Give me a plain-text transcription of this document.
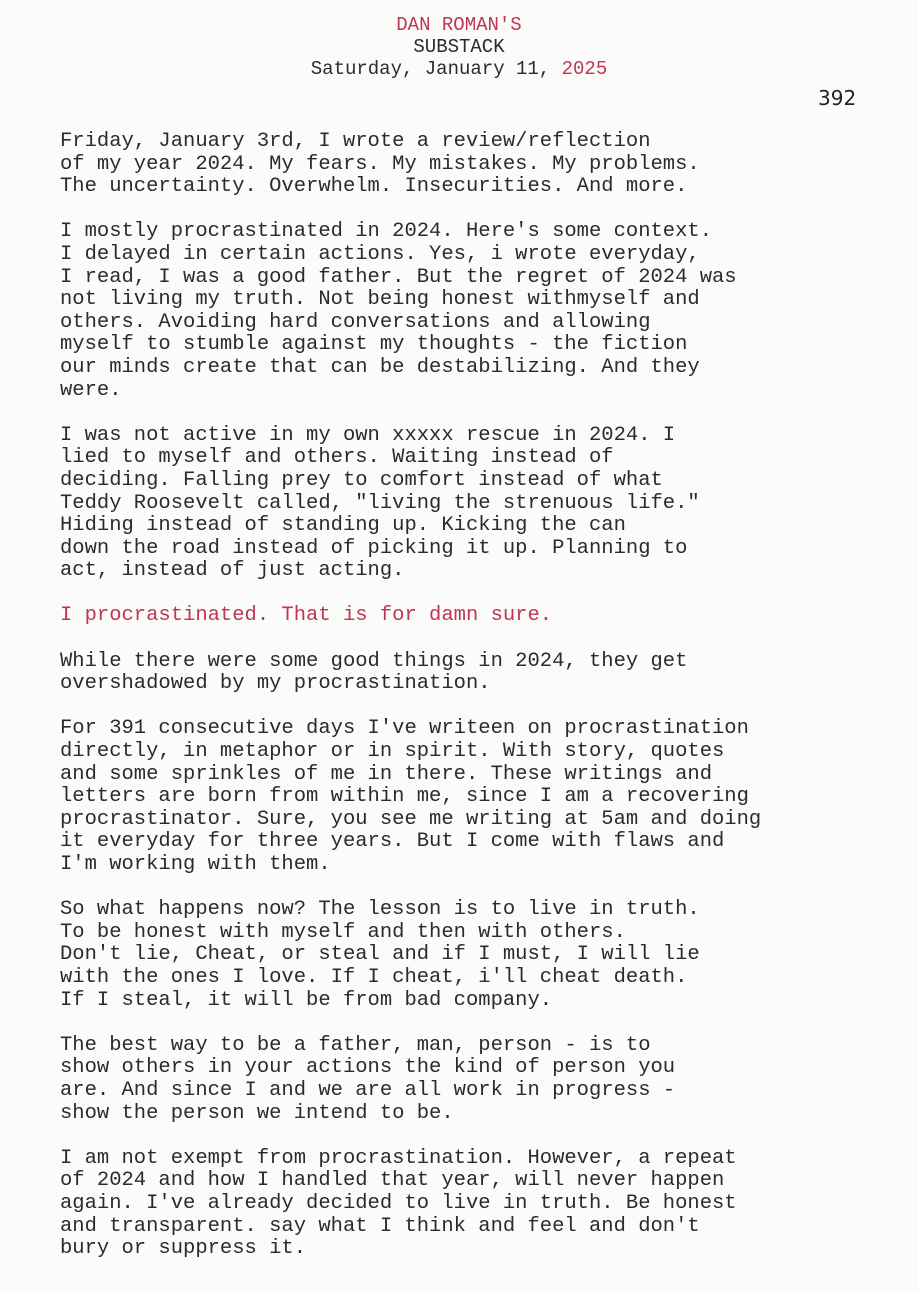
DAN ROMAN'S
SUBSTACK
Saturday, January 11, 2025
392
Friday, January 3rd, I wrote a review/reflection
of my year 2024. My fears. My mistakes. My problems.
The uncertainty. Overwhelm. Insecurities. And more.
I mostly procrastinated in 2024. Here's some context.
I delayed in certain actions. Yes, i wrote everyday,
I read, I was a good father. But the regret of 2024 was
not living my truth. Not being honest withmyself and
others. Avoiding hard conversations and allowing
myself to stumble against my thoughts - the fiction
our minds create that can be destabilizing. And they
were.
I was not active in my own xxxxx rescue in 2024. I
lied to myself and others. Waiting instead of
deciding. Falling prey to comfort instead of what
Teddy Roosevelt called, "living the strenuous life."
Hiding instead of standing up. Kicking the can
down the road instead of picking it up. Planning to
act, instead of just acting.
I procrastinated. That is for damn sure.
While there were some good things in 2024, they get
overshadowed by my procrastination.
For 391 consecutive days I've writeen on procrastination
directly, in metaphor or in spirit. With story, quotes
and some sprinkles of me in there. These writings and
letters are born from within me, since I am a recovering
procrastinator. Sure, you see me writing at 5am and doing
it everyday for three years. But I come with flaws and
I'm working with them.
So what happens now? The lesson is to live in truth.
To be honest with myself and then with others.
Don't lie, Cheat, or steal and if I must, I will lie
with the ones I love. If I cheat, i'll cheat death.
If I steal, it will be from bad company.
The best way to be a father, man, person - is to
show others in your actions the kind of person you
are. And since I and we are all work in progress -
show the person we intend to be.
I am not exempt from procrastination. However, a repeat
of 2024 and how I handled that year, will never happen
again. I've already decided to live in truth. Be honest
and transparent. say what I think and feel and don't
bury or suppress it.
